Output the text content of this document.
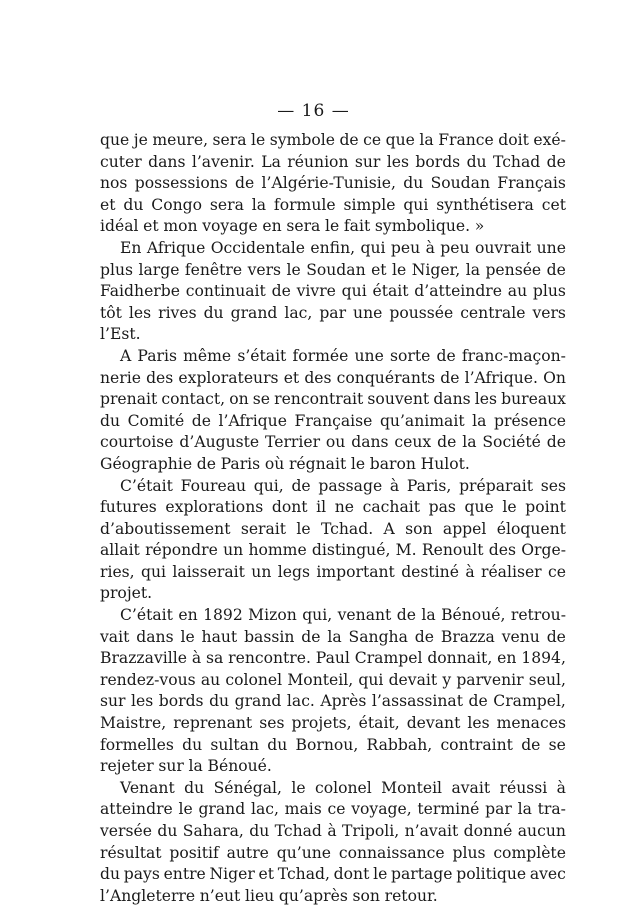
— 16 —
que je meure, sera le symbole de ce que la France doit exé-
cuter dans l’avenir. La réunion sur les bords du Tchad de
nos possessions de l’Algérie-Tunisie, du Soudan Français
et du Congo sera la formule simple qui synthétisera cet
idéal et mon voyage en sera le fait symbolique. »
En Afrique Occidentale enfin, qui peu à peu ouvrait une
plus large fenêtre vers le Soudan et le Niger, la pensée de
Faidherbe continuait de vivre qui était d’atteindre au plus
tôt les rives du grand lac, par une poussée centrale vers
l’Est.
A Paris même s’était formée une sorte de franc-maçon-
nerie des explorateurs et des conquérants de l’Afrique. On
prenait contact, on se rencontrait souvent dans les bureaux
du Comité de l’Afrique Française qu’animait la présence
courtoise d’Auguste Terrier ou dans ceux de la Société de
Géographie de Paris où régnait le baron Hulot.
C’était Foureau qui, de passage à Paris, préparait ses
futures explorations dont il ne cachait pas que le point
d’aboutissement serait le Tchad. A son appel éloquent
allait répondre un homme distingué, M. Renoult des Orge-
ries, qui laisserait un legs important destiné à réaliser ce
projet.
C’était en 1892 Mizon qui, venant de la Bénoué, retrou-
vait dans le haut bassin de la Sangha de Brazza venu de
Brazzaville à sa rencontre. Paul Crampel donnait, en 1894,
rendez-vous au colonel Monteil, qui devait y parvenir seul,
sur les bords du grand lac. Après l’assassinat de Crampel,
Maistre, reprenant ses projets, était, devant les menaces
formelles du sultan du Bornou, Rabbah, contraint de se
rejeter sur la Bénoué.
Venant du Sénégal, le colonel Monteil avait réussi à
atteindre le grand lac, mais ce voyage, terminé par la tra-
versée du Sahara, du Tchad à Tripoli, n’avait donné aucun
résultat positif autre qu’une connaissance plus complète
du pays entre Niger et Tchad, dont le partage politique avec
l’Angleterre n’eut lieu qu’après son retour.
